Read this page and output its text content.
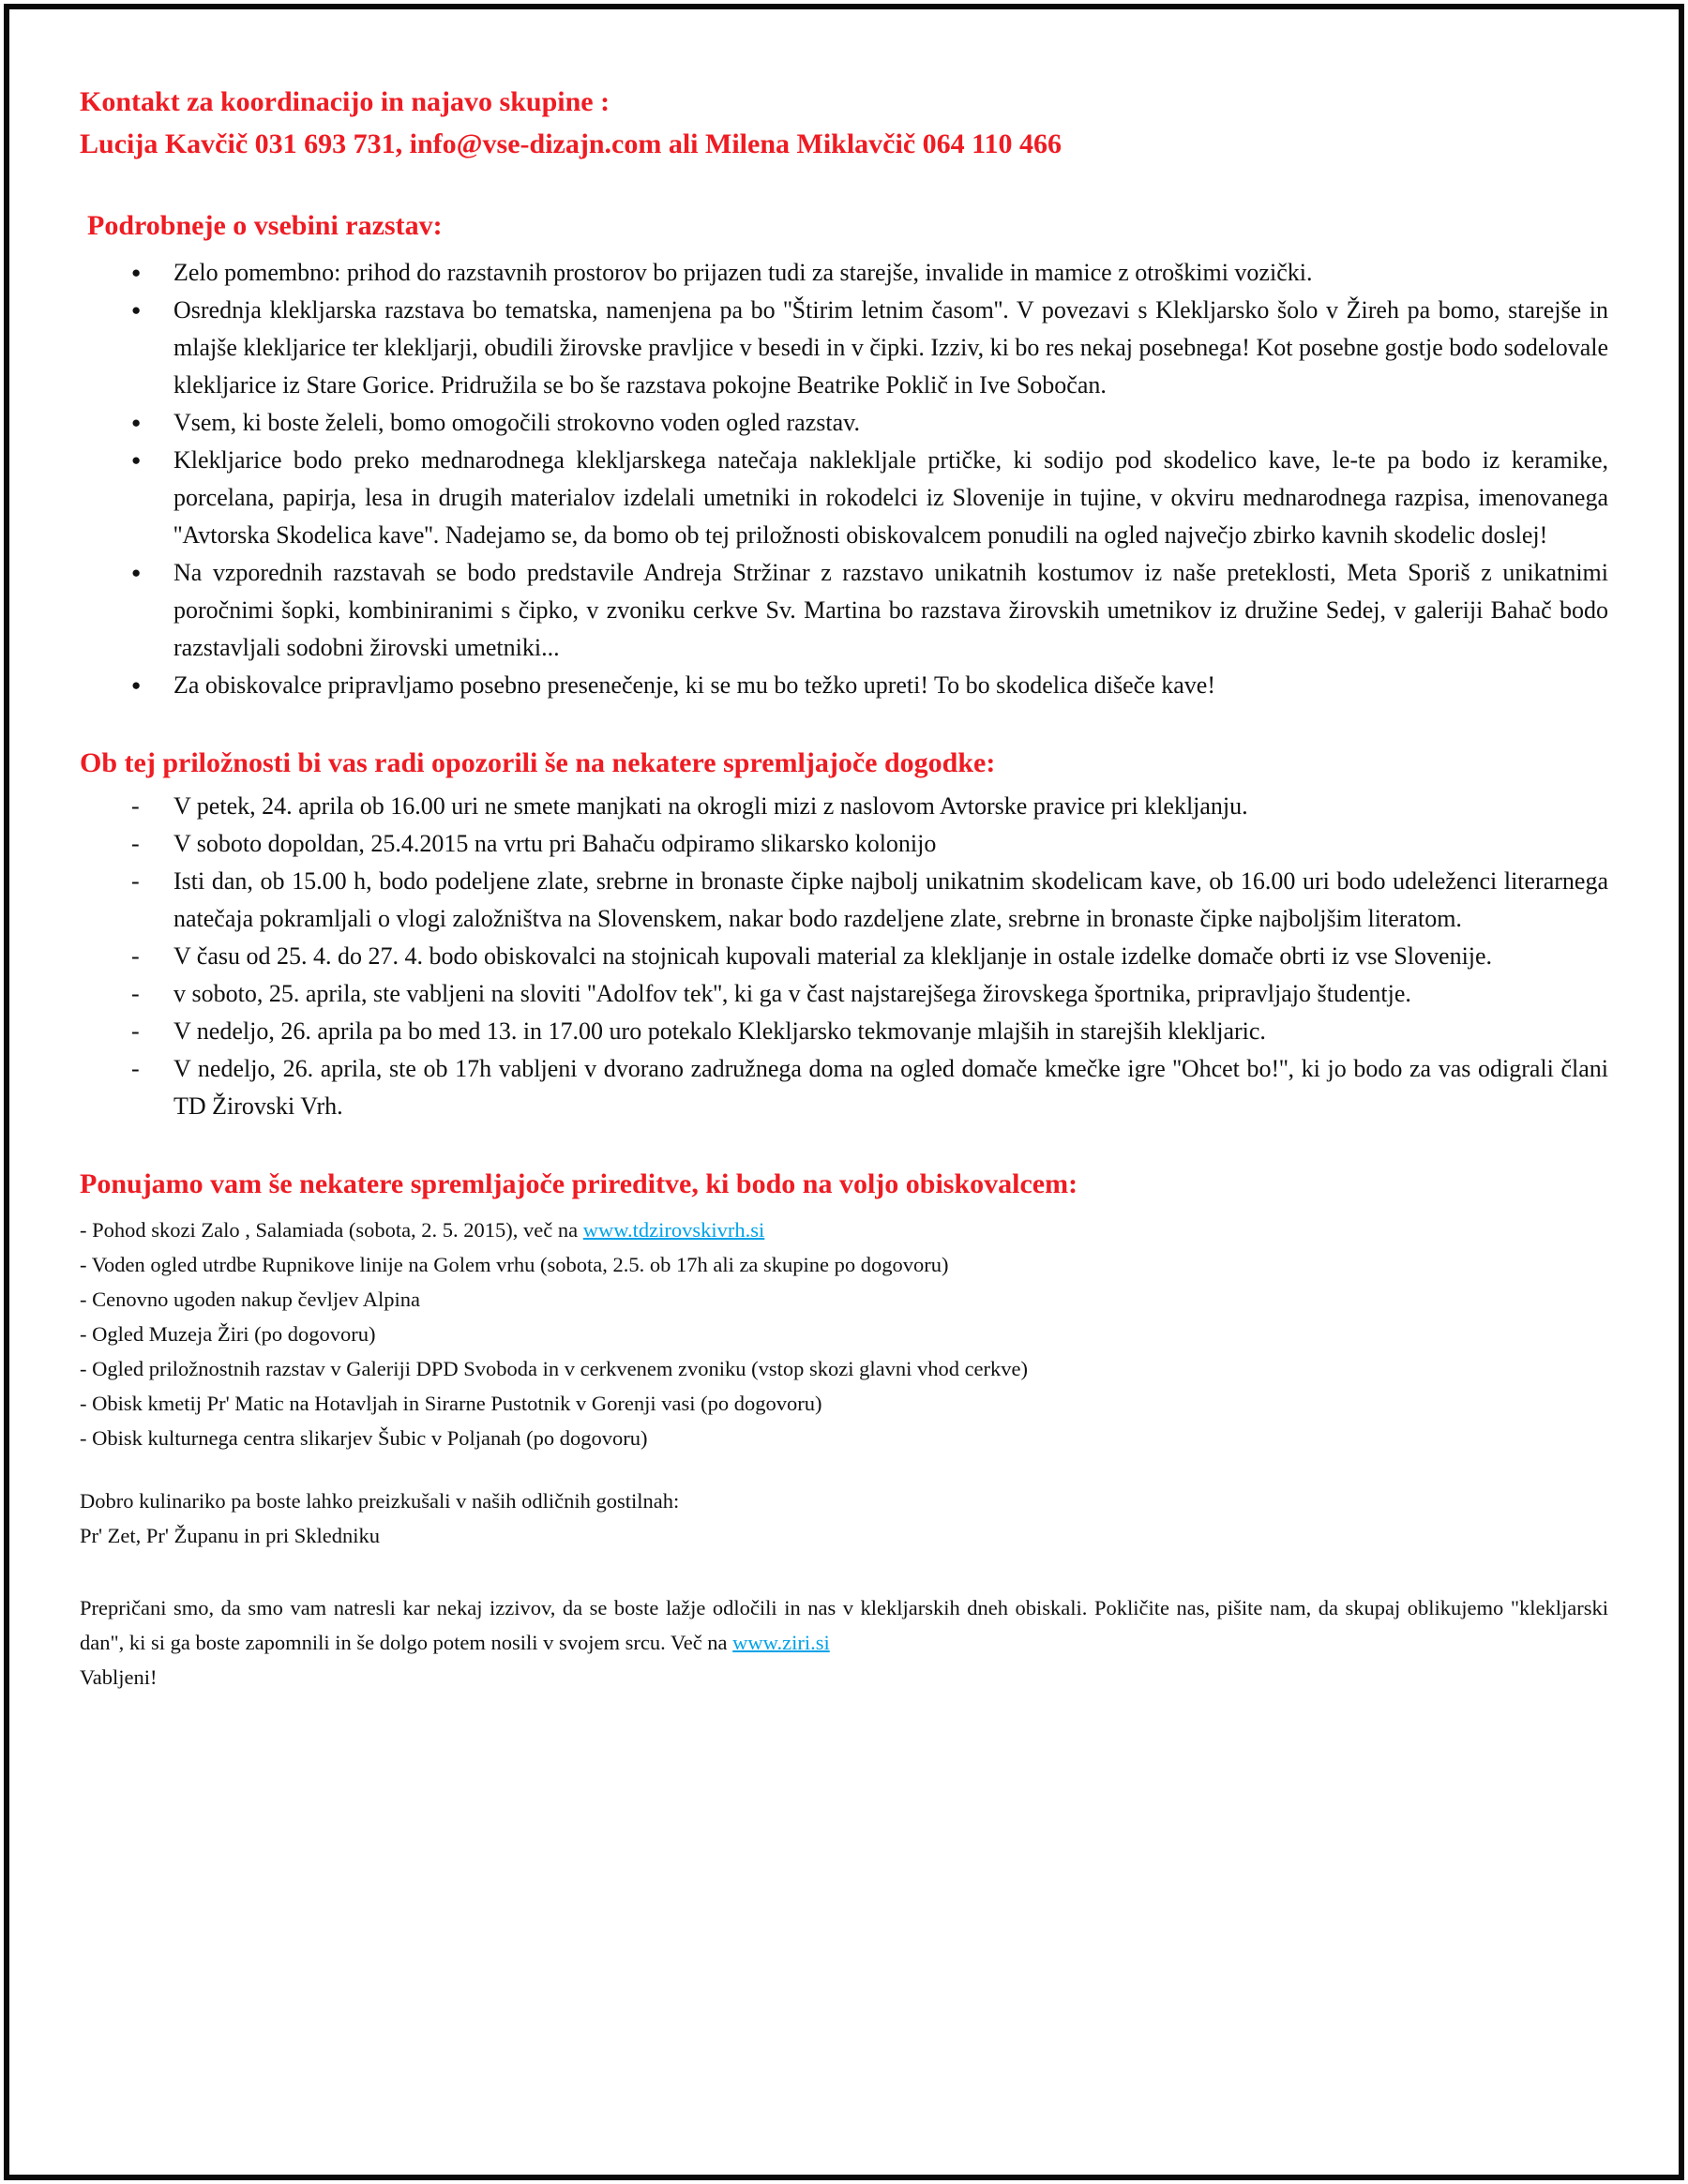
Kontakt za koordinacijo in najavo skupine :
Lucija Kavčič 031 693 731, info@vse-dizajn.com ali Milena Miklavčič 064 110 466
Podrobneje o vsebini razstav:
● Zelo pomembno: prihod do razstavnih prostorov bo prijazen tudi za starejše, invalide in mamice z otroškimi vozički.
● Osrednja klekljarska razstava bo tematska, namenjena pa bo ''Štirim letnim časom''. V povezavi s Klekljarsko šolo v Žireh pa bomo, starejše in mlajše klekljarice ter klekljarji, obudili žirovske pravljice v besedi in v čipki. Izziv, ki bo res nekaj posebnega! Kot posebne gostje bodo sodelovale klekljarice iz Stare Gorice. Pridružila se bo še razstava pokojne Beatrike Poklič in Ive Sobočan.
● Vsem, ki boste želeli, bomo omogočili strokovno voden ogled razstav.
● Klekljarice bodo preko mednarodnega klekljarskega natečaja naklekljale prtičke, ki sodijo pod skodelico kave, le-te pa bodo iz keramike, porcelana, papirja, lesa in drugih materialov izdelali umetniki in rokodelci iz Slovenije in tujine, v okviru mednarodnega razpisa, imenovanega ''Avtorska Skodelica kave''. Nadejamo se, da bomo ob tej priložnosti obiskovalcem ponudili na ogled največjo zbirko kavnih skodelic doslej!
● Na vzporednih razstavah se bodo predstavile Andreja Stržinar z razstavo unikatnih kostumov iz naše preteklosti, Meta Sporiš z unikatnimi poročnimi šopki, kombiniranimi s čipko, v zvoniku cerkve Sv. Martina bo razstava žirovskih umetnikov iz družine Sedej, v galeriji Bahač bodo razstavljali sodobni žirovski umetniki...
● Za obiskovalce pripravljamo posebno presenečenje, ki se mu bo težko upreti! To bo skodelica dišeče kave!
Ob tej priložnosti bi vas radi opozorili še na nekatere spremljajoče dogodke:
- V petek, 24. aprila ob 16.00 uri ne smete manjkati na okrogli mizi z naslovom Avtorske pravice pri klekljanju.
- V soboto dopoldan, 25.4.2015 na vrtu pri Bahaču odpiramo slikarsko kolonijo
- Isti dan, ob 15.00 h, bodo podeljene zlate, srebrne in bronaste čipke najbolj unikatnim skodelicam kave, ob 16.00 uri bodo udeleženci literarnega natečaja pokramljali o vlogi založništva na Slovenskem, nakar bodo razdeljene zlate, srebrne in bronaste čipke najboljšim literatom.
- V času od 25. 4. do 27. 4. bodo obiskovalci na stojnicah kupovali material za klekljanje in ostale izdelke domače obrti iz vse Slovenije.
- v soboto, 25. aprila, ste vabljeni na sloviti ''Adolfov tek'', ki ga v čast najstarejšega žirovskega športnika, pripravljajo študentje.
- V nedeljo, 26. aprila pa bo med 13. in 17.00 uro potekalo Klekljarsko tekmovanje mlajših in starejših klekljaric.
- V nedeljo, 26. aprila, ste ob 17h vabljeni v dvorano zadružnega doma na ogled domače kmečke igre ''Ohcet bo!'', ki jo bodo za vas odigrali člani TD Žirovski Vrh.
Ponujamo vam še nekatere spremljajoče prireditve, ki bodo na voljo obiskovalcem:
- Pohod skozi Zalo , Salamiada (sobota, 2. 5. 2015), več na www.tdzirovskivrh.si
- Voden ogled utrdbe Rupnikove linije na Golem vrhu (sobota, 2.5. ob 17h ali za skupine po dogovoru)
- Cenovno ugoden nakup čevljev Alpina
- Ogled Muzeja Žiri (po dogovoru)
- Ogled priložnostnih razstav v Galeriji DPD Svoboda in v cerkvenem zvoniku (vstop skozi glavni vhod cerkve)
- Obisk kmetij Pr' Matic na Hotavljah in Sirarne Pustotnik v Gorenji vasi (po dogovoru)
- Obisk kulturnega centra slikarjev Šubic v Poljanah (po dogovoru)

Dobro kulinariko pa boste lahko preizkušali v naših odličnih gostilnah:

Pr' Zet, Pr' Županu in pri Skledniku

Prepričani smo, da smo vam natresli kar nekaj izzivov, da se boste lažje odločili in nas v klekljarskih dneh obiskali. Pokličite nas, pišite nam, da skupaj oblikujemo "klekljarski dan", ki si ga boste zapomnili in še dolgo potem nosili v svojem srcu. Več na www.ziri.si

Vabljeni!
